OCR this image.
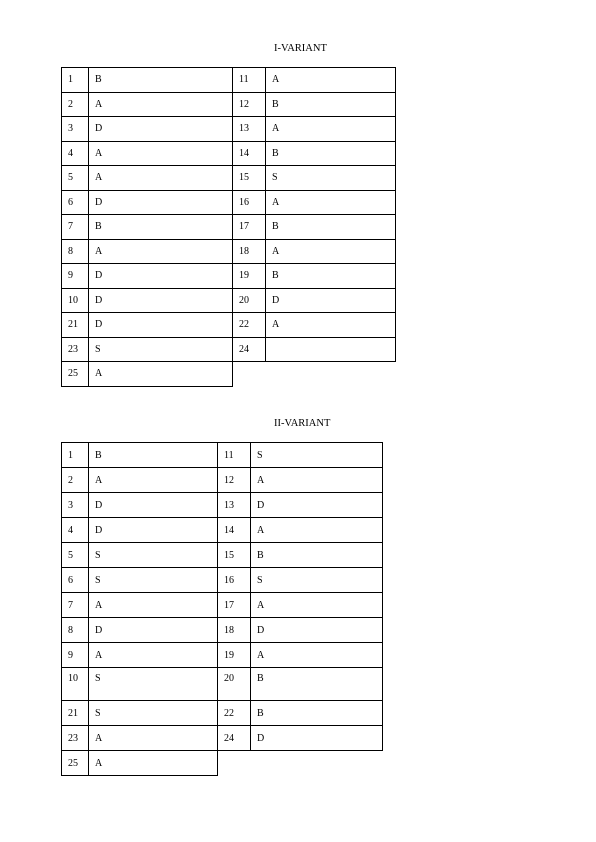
I-VARIANT
1	B	11	A
2	A	12	B
3	D	13	A
4	A	14	B
5	A	15	S
6	D	16	A
7	B	17	B
8	A	18	A
9	D	19	B
10	D	20	D
21	D	22	A
23	S	24	
25	A		
II-VARIANT
1	B	11	S
2	A	12	A
3	D	13	D
4	D	14	A
5	S	15	B
6	S	16	S
7	A	17	A
8	D	18	D
9	A	19	A
10	S	20	B
21	S	22	B
23	A	24	D
25	A		
